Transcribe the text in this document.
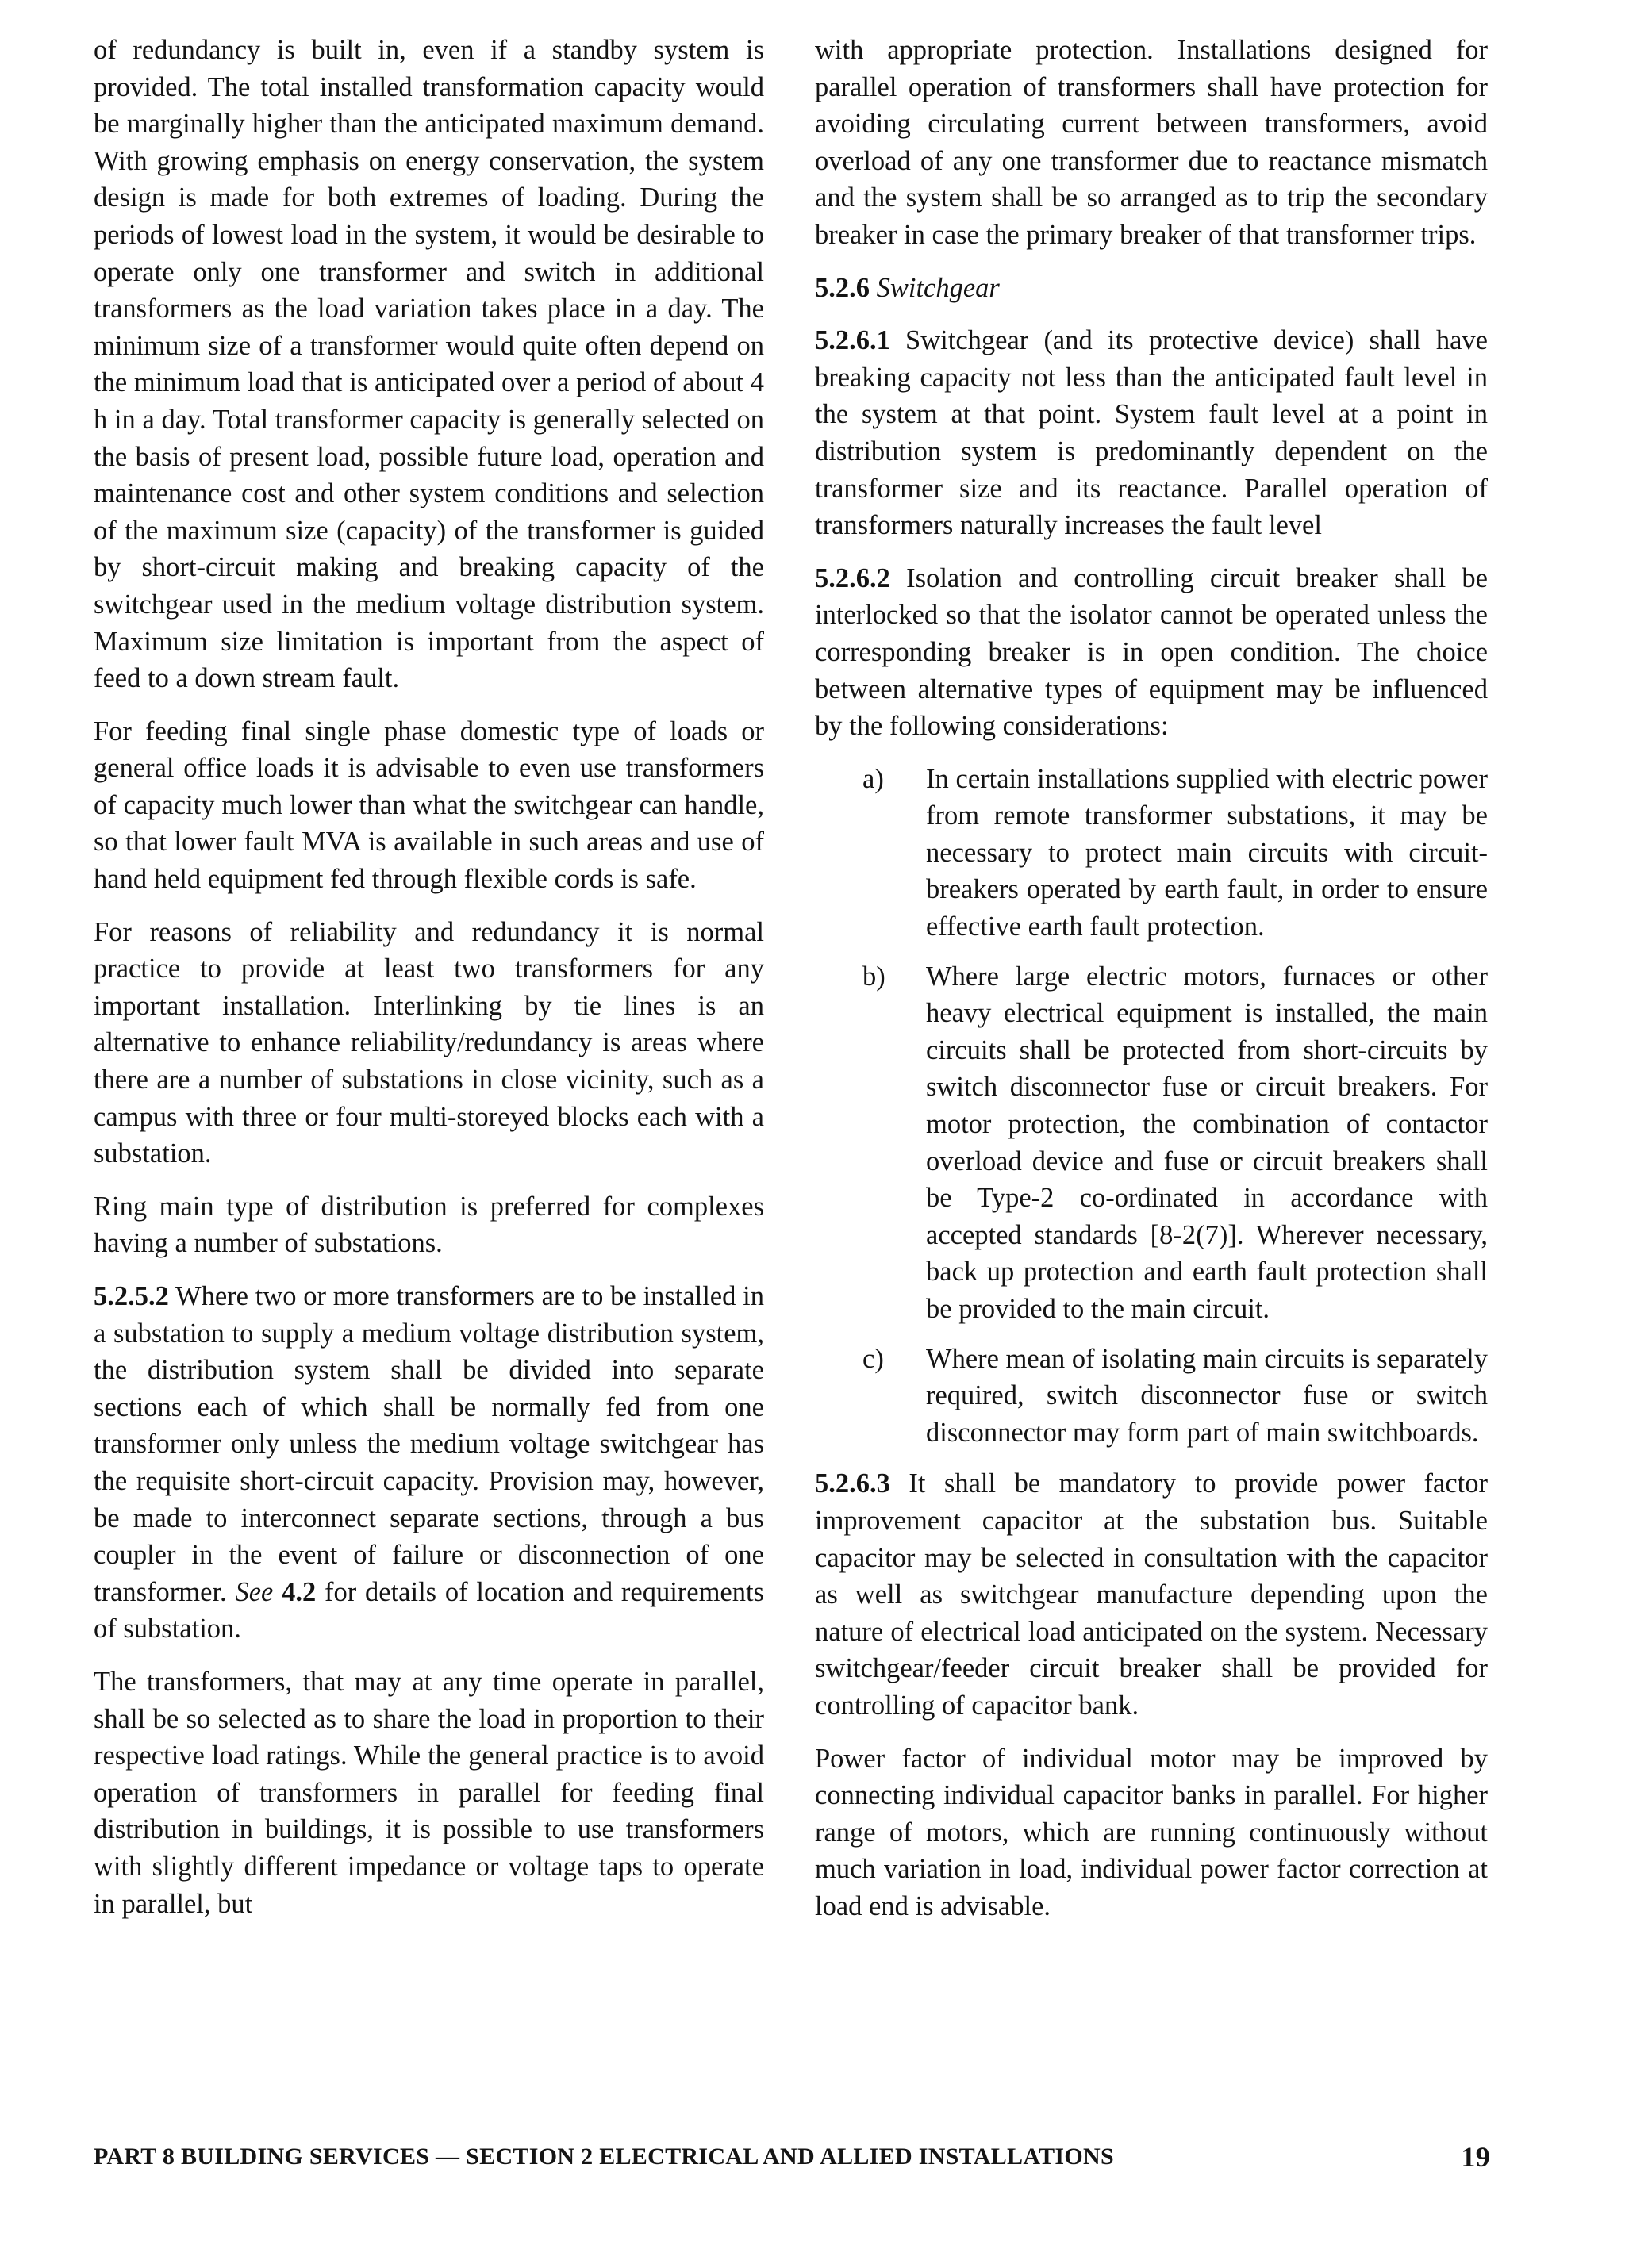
of redundancy is built in, even if a standby system is provided. The total installed transformation capacity would be marginally higher than the anticipated maximum demand. With growing emphasis on energy conservation, the system design is made for both extremes of loading. During the periods of lowest load in the system, it would be desirable to operate only one transformer and switch in additional transformers as the load variation takes place in a day. The minimum size of a transformer would quite often depend on the minimum load that is anticipated over a period of about 4 h in a day. Total transformer capacity is generally selected on the basis of present load, possible future load, operation and maintenance cost and other system conditions and selection of the maximum size (capacity) of the transformer is guided by short-circuit making and breaking capacity of the switchgear used in the medium voltage distribution system. Maximum size limitation is important from the aspect of feed to a down stream fault.

For feeding final single phase domestic type of loads or general office loads it is advisable to even use transformers of capacity much lower than what the switchgear can handle, so that lower fault MVA is available in such areas and use of hand held equipment fed through flexible cords is safe.

For reasons of reliability and redundancy it is normal practice to provide at least two transformers for any important installation. Interlinking by tie lines is an alternative to enhance reliability/redundancy is areas where there are a number of substations in close vicinity, such as a campus with three or four multi-storeyed blocks each with a substation.

Ring main type of distribution is preferred for complexes having a number of substations.

5.2.5.2 Where two or more transformers are to be installed in a substation to supply a medium voltage distribution system, the distribution system shall be divided into separate sections each of which shall be normally fed from one transformer only unless the medium voltage switchgear has the requisite short-circuit capacity. Provision may, however, be made to interconnect separate sections, through a bus coupler in the event of failure or disconnection of one transformer. See 4.2 for details of location and requirements of substation.

The transformers, that may at any time operate in parallel, shall be so selected as to share the load in proportion to their respective load ratings. While the general practice is to avoid operation of transformers in parallel for feeding final distribution in buildings, it is possible to use transformers with slightly different impedance or voltage taps to operate in parallel, but

with appropriate protection. Installations designed for parallel operation of transformers shall have protection for avoiding circulating current between transformers, avoid overload of any one transformer due to reactance mismatch and the system shall be so arranged as to trip the secondary breaker in case the primary breaker of that transformer trips.

5.2.6 Switchgear

5.2.6.1 Switchgear (and its protective device) shall have breaking capacity not less than the anticipated fault level in the system at that point. System fault level at a point in distribution system is predominantly dependent on the transformer size and its reactance. Parallel operation of transformers naturally increases the fault level

5.2.6.2 Isolation and controlling circuit breaker shall be interlocked so that the isolator cannot be operated unless the corresponding breaker is in open condition. The choice between alternative types of equipment may be influenced by the following considerations:

a) In certain installations supplied with electric power from remote transformer substations, it may be necessary to protect main circuits with circuit-breakers operated by earth fault, in order to ensure effective earth fault protection.
b) Where large electric motors, furnaces or other heavy electrical equipment is installed, the main circuits shall be protected from short-circuits by switch disconnector fuse or circuit breakers. For motor protection, the combination of contactor overload device and fuse or circuit breakers shall be Type-2 co-ordinated in accordance with accepted standards [8-2(7)]. Wherever necessary, back up protection and earth fault protection shall be provided to the main circuit.
c) Where mean of isolating main circuits is separately required, switch disconnector fuse or switch disconnector may form part of main switchboards.

5.2.6.3 It shall be mandatory to provide power factor improvement capacitor at the substation bus. Suitable capacitor may be selected in consultation with the capacitor as well as switchgear manufacture depending upon the nature of electrical load anticipated on the system. Necessary switchgear/feeder circuit breaker shall be provided for controlling of capacitor bank.

Power factor of individual motor may be improved by connecting individual capacitor banks in parallel. For higher range of motors, which are running continuously without much variation in load, individual power factor correction at load end is advisable.

PART 8 BUILDING SERVICES — SECTION 2 ELECTRICAL AND ALLIED INSTALLATIONS	19
